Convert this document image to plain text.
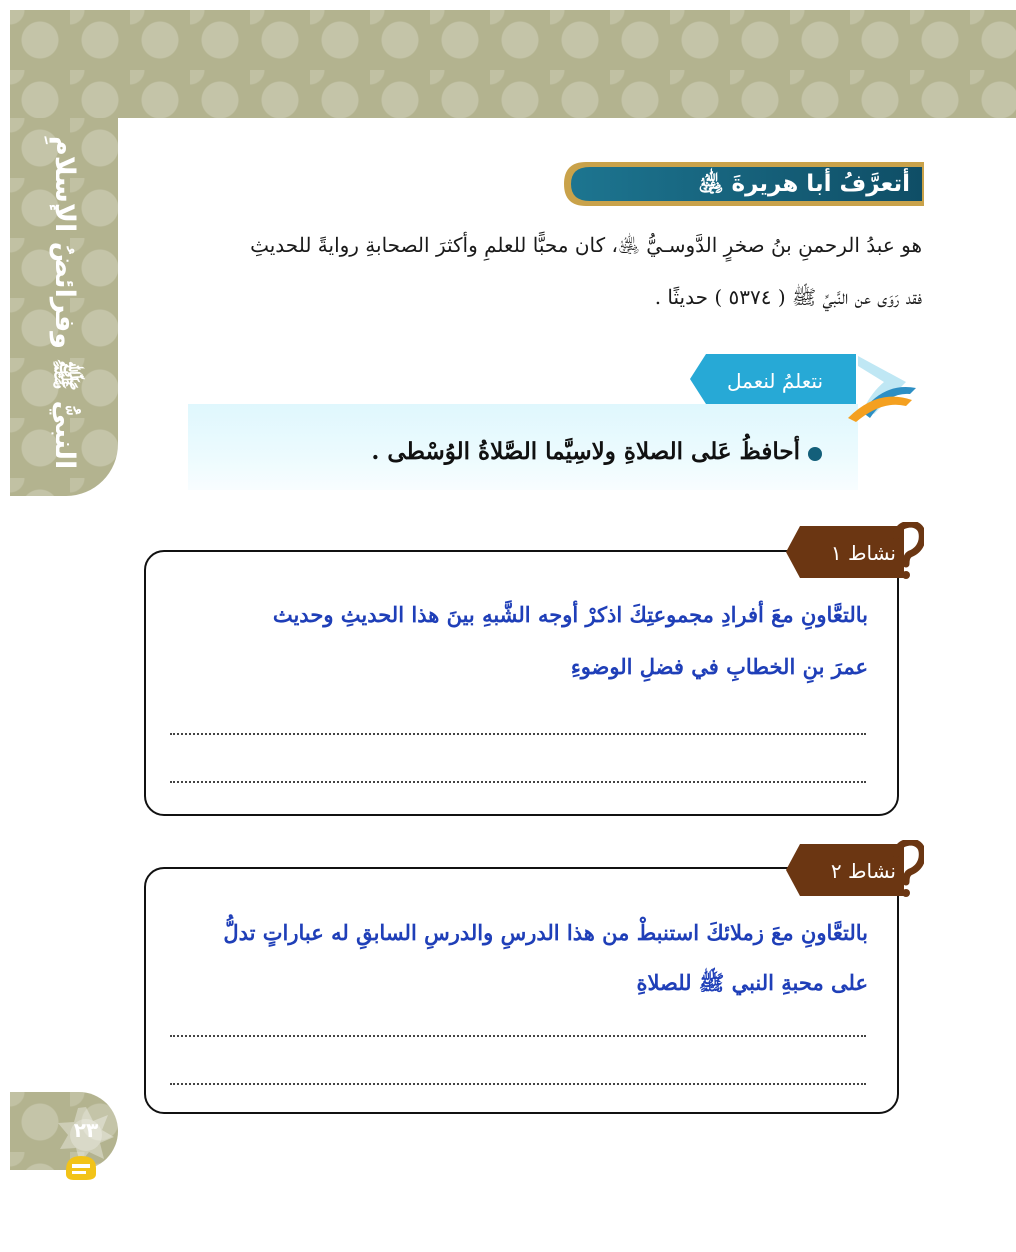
النبيُّ ﷺ وفرائضُ الإسلامِ
٢٣
أتعرَّفُ أبا هريرةَ ﵁
هو عبدُ الرحمنِ بنُ صخرٍ الدَّوسـيُّ ﵁، كان محبًّا للعلمِ وأكثرَ الصحابةِ روايةً للحديثِ
فقد رَوَى عن النَّبيِّ ﷺ ( ٥٣٧٤ ) حديثًا .
نتعلمُ لنعمل
أحافظُ عَلى الصلاةِ ولاسِيَّما الصَّلاةُ الوُسْطى .
نشاط ١
بالتعَّاونِ معَ أفرادِ مجموعتِكَ اذكرْ أوجه الشَّبهِ بينَ هذا الحديثِ وحديث
عمرَ بنِ الخطابِ في فضلِ الوضوءِ
نشاط ٢
بالتعَّاونِ معَ زملائكَ استنبطْ من هذا الدرسِ والدرسِ السابقِ له عباراتٍ تدلُّ
على محبةِ النبي ﷺ للصلاةِ
